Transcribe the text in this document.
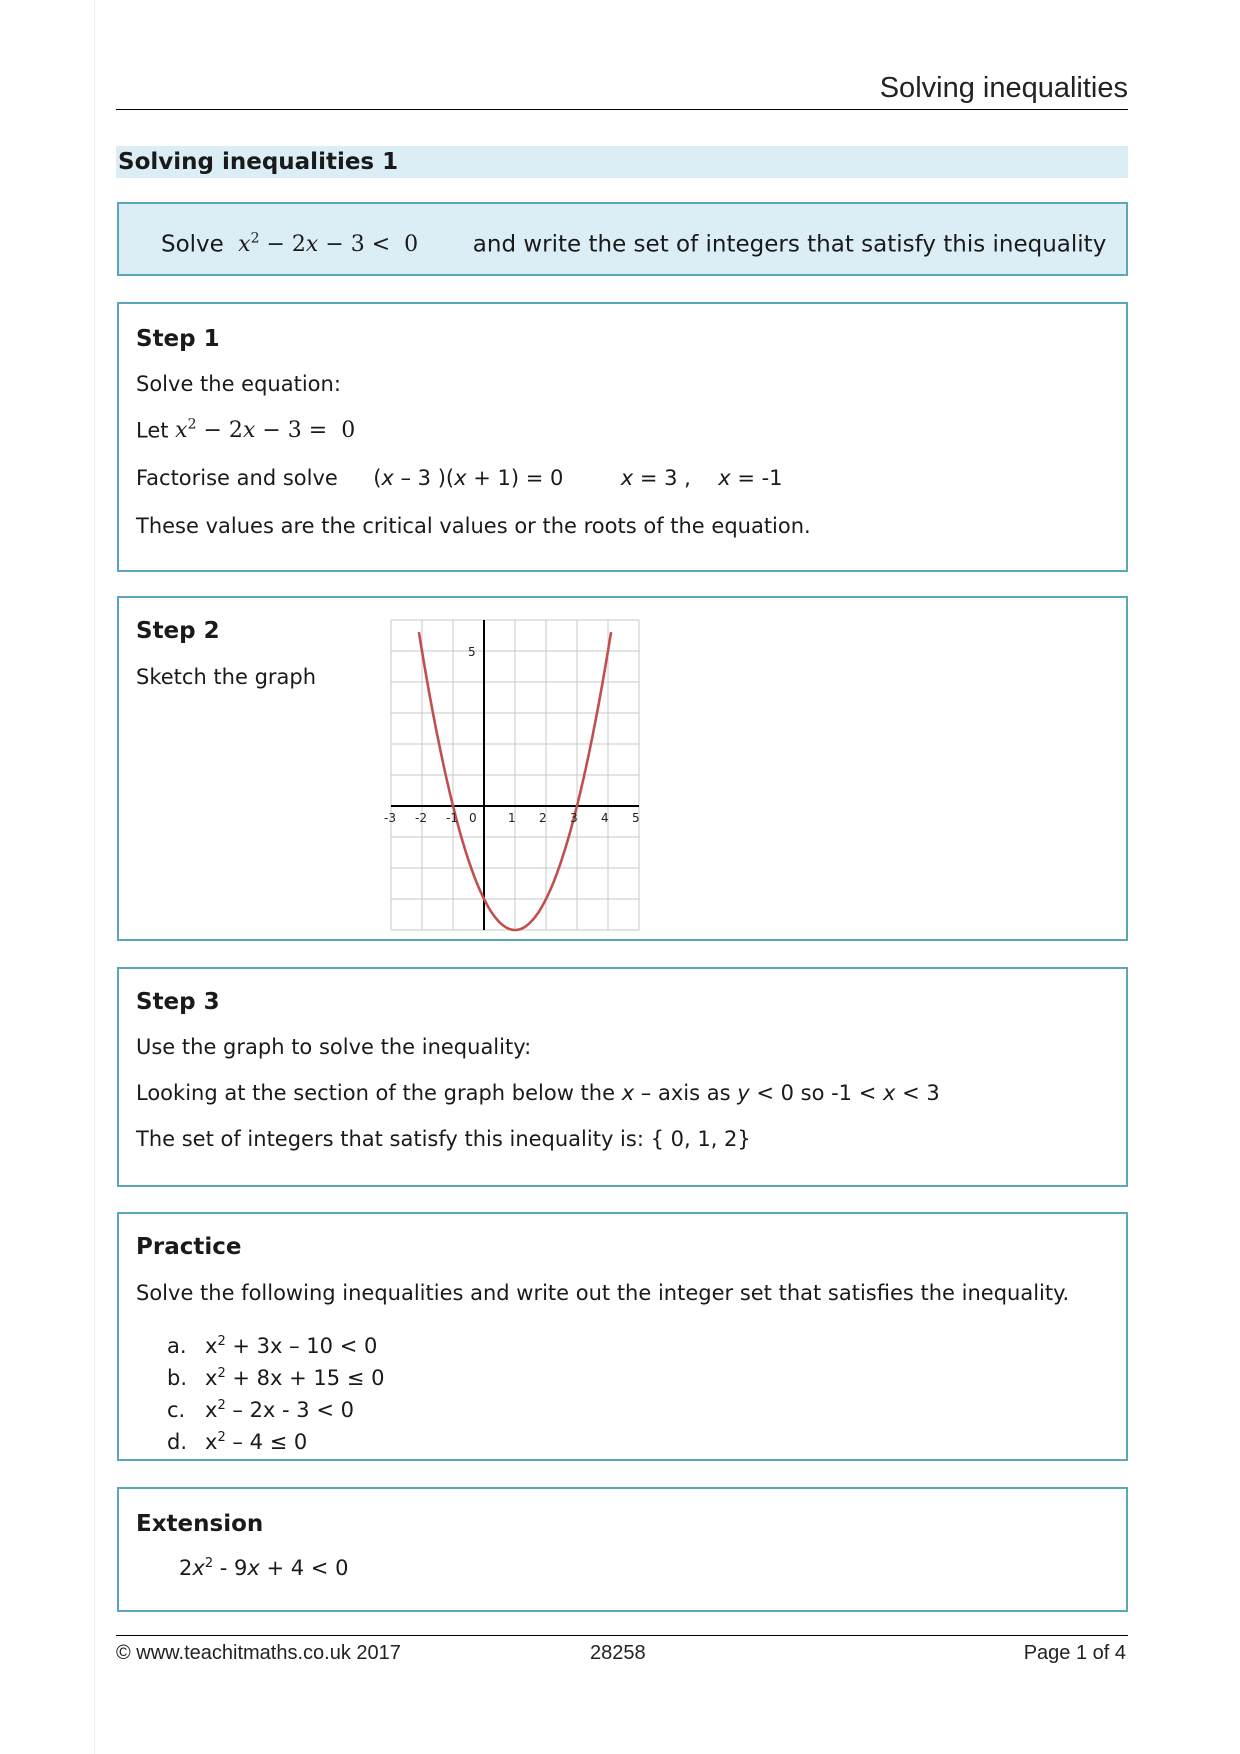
Solving inequalities
Solving inequalities 1
Solve $x^2 - 2x - 3 < 0$ and write the set of integers that satisfy this inequality
Step 1
Solve the equation:
Let $x^2 - 2x - 3 = 0$
Factorise and solve (x – 3 )(x + 1) = 0	x = 3 , x = -1
These values are the critical values or the roots of the equation.
Step 2
Sketch the graph
5
-3 -2 -1 0	1 2 3 4 5
Step 3
Use the graph to solve the inequality:
Looking at the section of the graph below the x – axis as y < 0 so -1 < x < 3
The set of integers that satisfy this inequality is: { 0, 1, 2}
Practice
Solve the following inequalities and write out the integer set that satisfies the inequality.
a. $x^2 + 3x - 10 < 0$
b. $x^2 + 8x + 15 \le 0$
c. $x^2 - 2x - 3 < 0$
d. $x^2 - 4 \le 0$
Extension
$2x^2 - 9x + 4 < 0$
© www.teachitmaths.co.uk 2017	28258	Page 1 of 4
